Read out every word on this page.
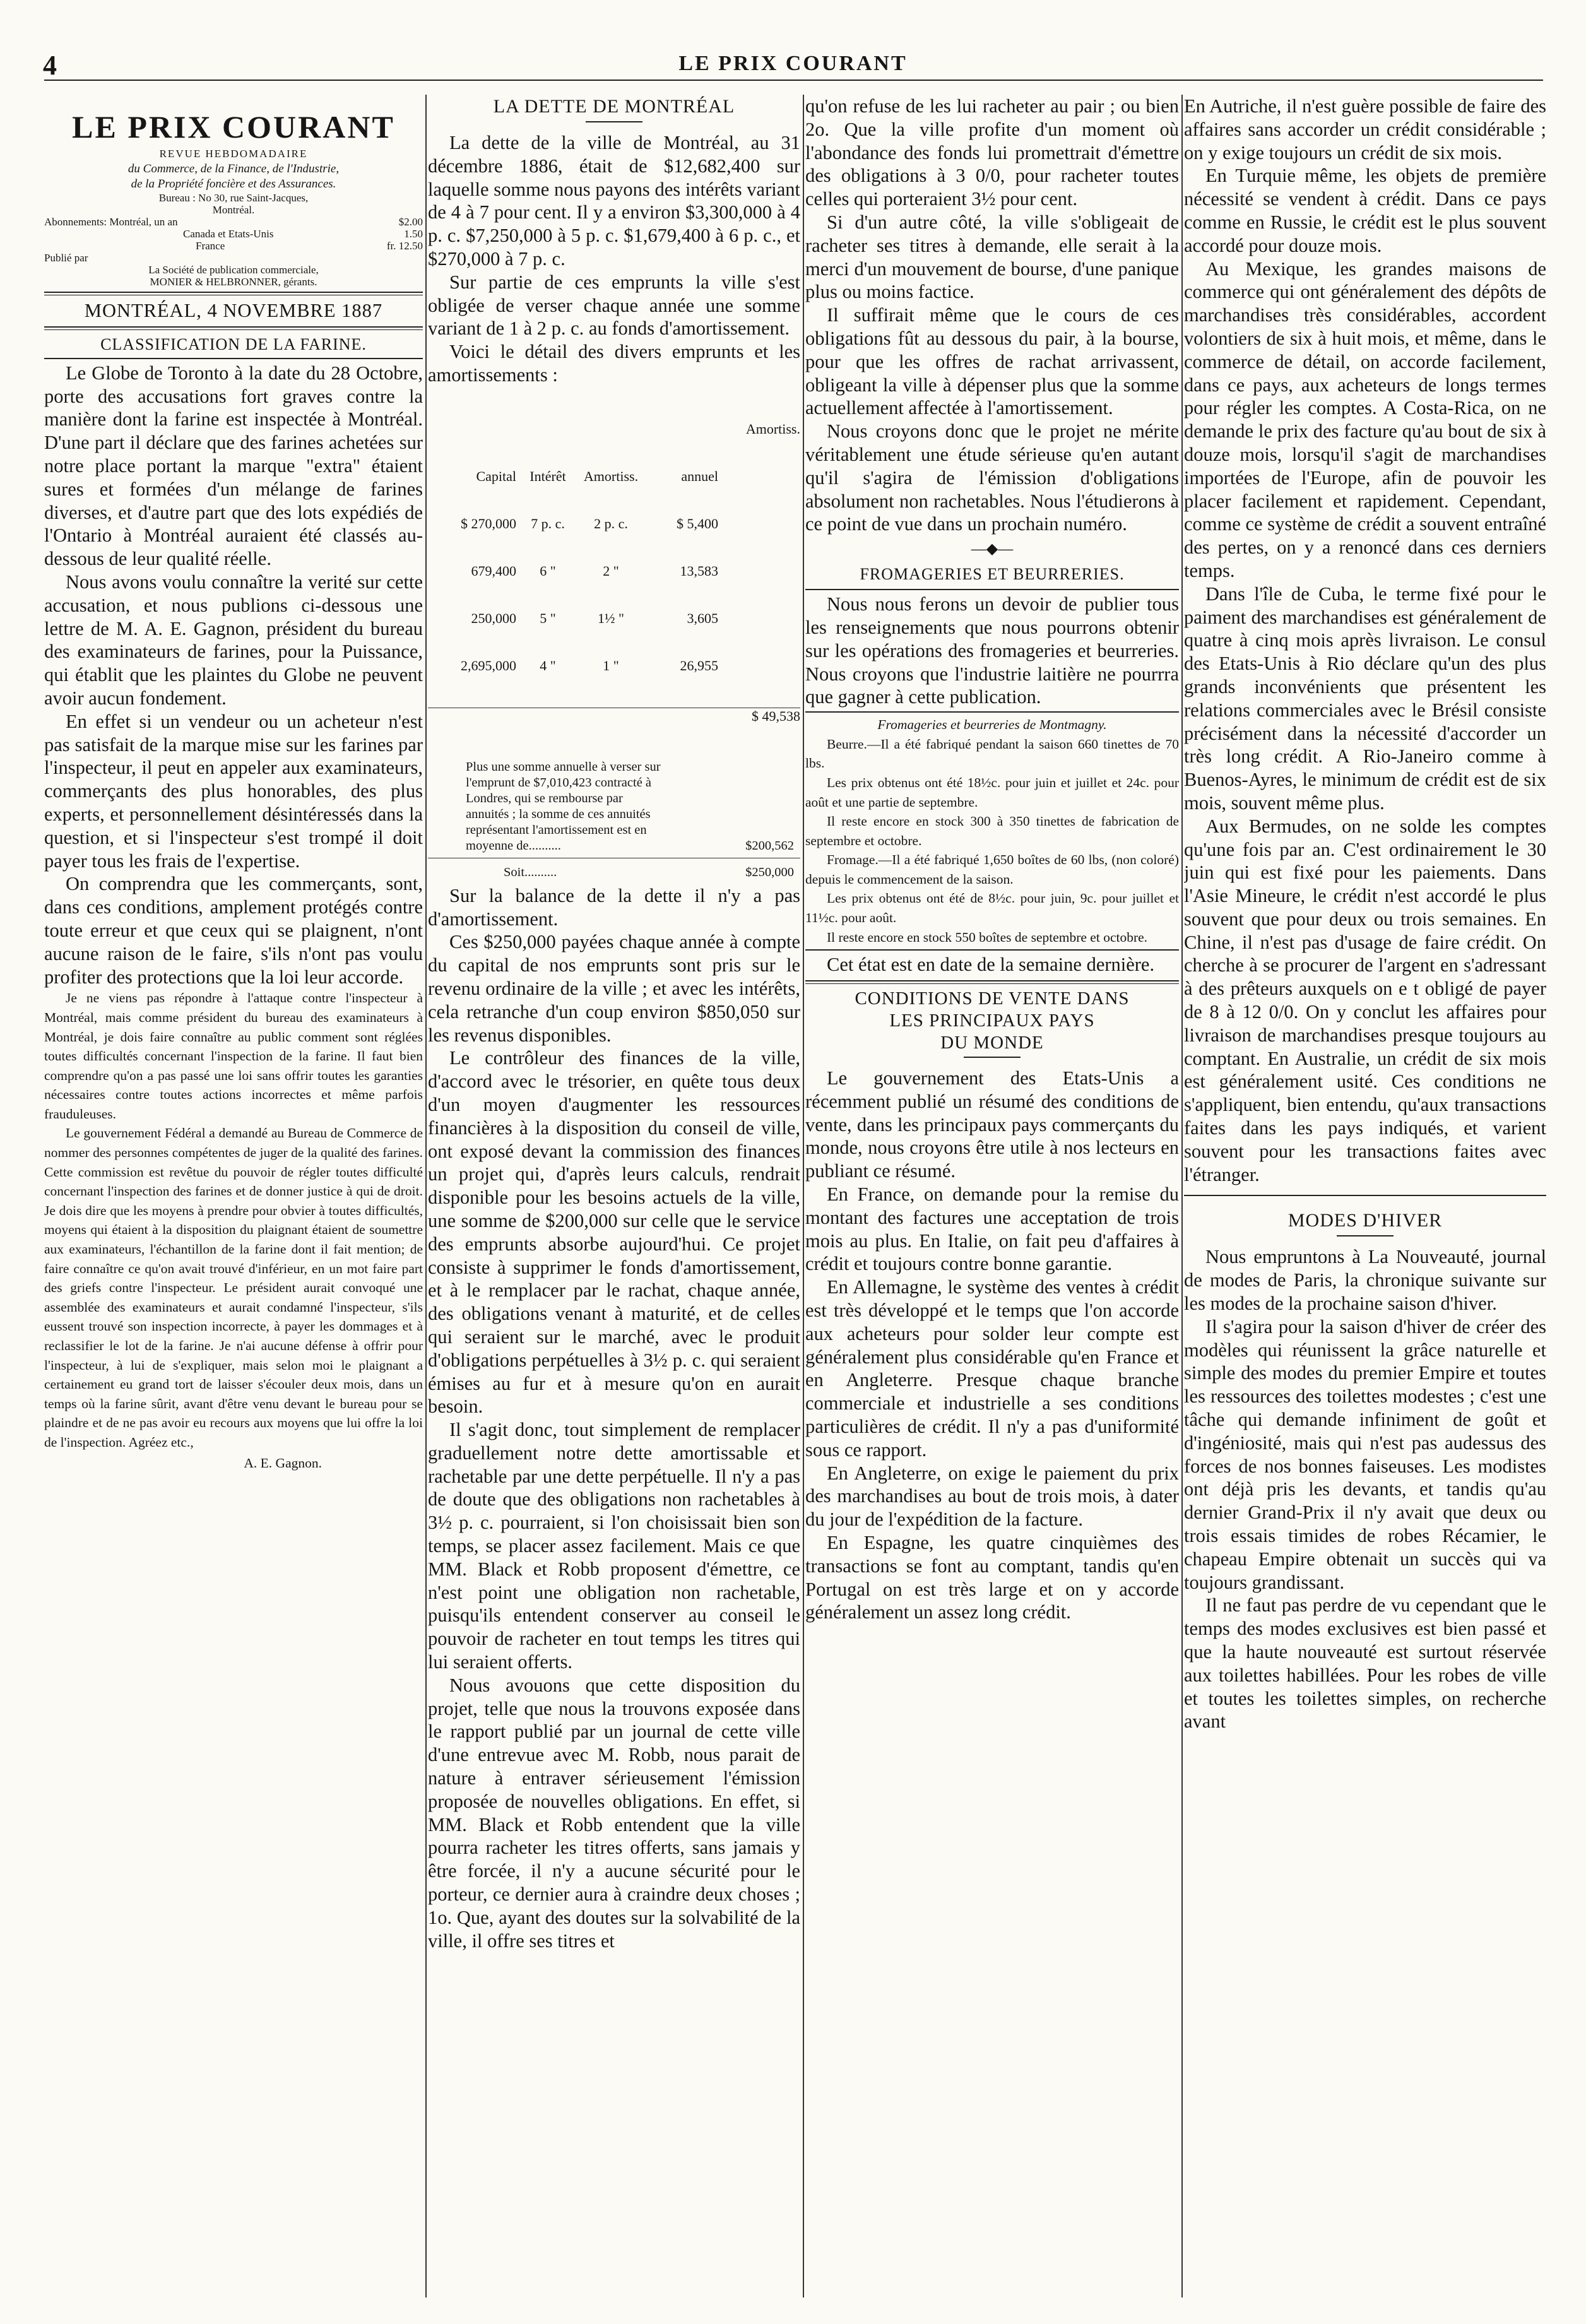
4	LE PRIX COURANT
LE PRIX COURANT
REVUE HEBDOMADAIRE
du Commerce, de la Finance, de l'Industrie,
de la Propriété foncière et des Assurances.
Bureau : No 30, rue Saint-Jacques,
Montréal.
Abonnements: Montréal, un an	$2.00
Canada et Etats-Unis	1.50
France	fr. 12.50
Publié par
La Société de publication commerciale,
MONIER & HELBRONNER, gérants.
MONTRÉAL, 4 NOVEMBRE 1887
CLASSIFICATION DE LA FARINE.

Le Globe de Toronto à la date du 28 Octobre, porte des accusations fort graves contre la manière dont la farine est inspectée à Montréal. D'une part il déclare que des farines achetées sur notre place portant la marque "extra" étaient sures et formées d'un mélange de farines diverses, et d'autre part que des lots expédiés de l'Ontario à Montréal auraient été classés au-dessous de leur qualité réelle.

Nous avons voulu connaître la verité sur cette accusation, et nous publions ci-dessous une lettre de M. A. E. Gagnon, président du bureau des examinateurs de farines, pour la Puissance, qui établit que les plaintes du Globe ne peuvent avoir aucun fondement.

En effet si un vendeur ou un acheteur n'est pas satisfait de la marque mise sur les farines par l'inspecteur, il peut en appeler aux examinateurs, commerçants des plus honorables, des plus experts, et personnellement désintéressés dans la question, et si l'inspecteur s'est trompé il doit payer tous les frais de l'expertise.

On comprendra que les commerçants, sont, dans ces conditions, amplement protégés contre toute erreur et que ceux qui se plaignent, n'ont aucune raison de le faire, s'ils n'ont pas voulu profiter des protections que la loi leur accorde.

Je ne viens pas répondre à l'attaque contre l'inspecteur à Montréal, mais comme président du bureau des examinateurs à Montréal, je dois faire connaître au public comment sont réglées toutes difficultés concernant l'inspection de la farine. Il faut bien comprendre qu'on a pas passé une loi sans offrir toutes les garanties nécessaires contre toutes actions incorrectes et même parfois frauduleuses.

Le gouvernement Fédéral a demandé au Bureau de Commerce de nommer des personnes compétentes de juger de la qualité des farines. Cette commission est revêtue du pouvoir de régler toutes difficulté concernant l'inspection des farines et de donner justice à qui de droit. Je dois dire que les moyens à prendre pour obvier à toutes difficultés, moyens qui étaient à la disposition du plaignant étaient de soumettre aux examinateurs, l'échantillon de la farine dont il fait mention; de faire connaître ce qu'on avait trouvé d'inférieur, en un mot faire part des griefs contre l'inspecteur. Le président aurait convoqué une assemblée des examinateurs et aurait condamné l'inspecteur, s'ils eussent trouvé son inspection incorrecte, à payer les dommages et à reclassifier le lot de la farine. Je n'ai aucune défense à offrir pour l'inspecteur, à lui de s'expliquer, mais selon moi le plaignant a certainement eu grand tort de laisser s'écouler deux mois, dans un temps où la farine sûrit, avant d'être venu devant le bureau pour se plaindre et de ne pas avoir eu recours aux moyens que lui offre la loi de l'inspection. Agréez etc.,

A. E. Gagnon.
LA DETTE DE MONTRÉAL

La dette de la ville de Montréal, au 31 décembre 1886, était de $12,682,400 sur laquelle somme nous payons des intérêts variant de 4 à 7 pour cent. Il y a environ $3,300,000 à 4 p. c. $7,250,000 à 5 p. c. $1,679,400 à 6 p. c., et $270,000 à 7 p. c.

Sur partie de ces emprunts la ville s'est obligée de verser chaque année une somme variant de 1 à 2 p. c. au fonds d'amortissement.

Voici le détail des divers emprunts et les amortissements :

Amortiss.

Capital Intérêt	Amortiss.	annuel

$ 270,000	7 p. c.	2 p. c.	$ 5,400

679,400	6 "	2 "	13,583

250,000	5 "	1½ "	3,605

2,695,000	4 "	1 "	26,955

$ 49,538

Plus une somme annuelle à verser sur l'emprunt de $7,010,423 contracté à Londres, qui se rembourse par annuités ; la somme de ces annuités représentant l'amortissement est en moyenne de..........	$200,562
Soit..........	$250,000

Sur la balance de la dette il n'y a pas d'amortissement.

Ces $250,000 payées chaque année à compte du capital de nos emprunts sont pris sur le revenu ordinaire de la ville ; et avec les intérêts, cela retranche d'un coup environ $850,050 sur les revenus disponibles.

Le contrôleur des finances de la ville, d'accord avec le trésorier, en quête tous deux d'un moyen d'augmenter les ressources financières à la disposition du conseil de ville, ont exposé devant la commission des finances un projet qui, d'après leurs calculs, rendrait disponible pour les besoins actuels de la ville, une somme de $200,000 sur celle que le service des emprunts absorbe aujourd'hui. Ce projet consiste à supprimer le fonds d'amortissement, et à le remplacer par le rachat, chaque année, des obligations venant à maturité, et de celles qui seraient sur le marché, avec le produit d'obligations perpétuelles à 3½ p. c. qui seraient émises au fur et à mesure qu'on en aurait besoin.

Il s'agit donc, tout simplement de remplacer graduellement notre dette amortissable et rachetable par une dette perpétuelle. Il n'y a pas de doute que des obligations non rachetables à 3½ p. c. pourraient, si l'on choisissait bien son temps, se placer assez facilement. Mais ce que MM. Black et Robb proposent d'émettre, ce n'est point une obligation non rachetable, puisqu'ils entendent conserver au conseil le pouvoir de racheter en tout temps les titres qui lui seraient offerts.

Nous avouons que cette disposition du projet, telle que nous la trouvons exposée dans le rapport publié par un journal de cette ville d'une entrevue avec M. Robb, nous parait de nature à entraver sérieusement l'émission proposée de nouvelles obligations. En effet, si MM. Black et Robb entendent que la ville pourra racheter les titres offerts, sans jamais y être forcée, il n'y a aucune sécurité pour le porteur, ce dernier aura à craindre deux choses ; 1o. Que, ayant des doutes sur la solvabilité de la ville, il offre ses titres et

qu'on refuse de les lui racheter au pair ; ou bien 2o. Que la ville profite d'un moment où l'abondance des fonds lui promettrait d'émettre des obligations à 3 0/0, pour racheter toutes celles qui porteraient 3½ pour cent.

Si d'un autre côté, la ville s'obligeait de racheter ses titres à demande, elle serait à la merci d'un mouvement de bourse, d'une panique plus ou moins factice.

Il suffirait même que le cours de ces obligations fût au dessous du pair, à la bourse, pour que les offres de rachat arrivassent, obligeant la ville à dépenser plus que la somme actuellement affectée à l'amortissement.

Nous croyons donc que le projet ne mérite véritablement une étude sérieuse qu'en autant qu'il s'agira de l'émission d'obligations absolument non rachetables. Nous l'étudierons à ce point de vue dans un prochain numéro.

—◆—
FROMAGERIES ET BEURRERIES.

Nous nous ferons un devoir de publier tous les renseignements que nous pourrons obtenir sur les opérations des fromageries et beurreries. Nous croyons que l'industrie laitière ne pourrra que gagner à cette publication.

Fromageries et beurreries de Montmagny.

Beurre.—Il a été fabriqué pendant la saison 660 tinettes de 70 lbs.

Les prix obtenus ont été 18½c. pour juin et juillet et 24c. pour août et une partie de septembre.

Il reste encore en stock 300 à 350 tinettes de fabrication de septembre et octobre.

Fromage.—Il a été fabriqué 1,650 boîtes de 60 lbs, (non coloré) depuis le commencement de la saison.

Les prix obtenus ont été de 8½c. pour juin, 9c. pour juillet et 11½c. pour août.

Il reste encore en stock 550 boîtes de septembre et octobre.

Cet état est en date de la semaine dernière.

CONDITIONS DE VENTE DANS
LES PRINCIPAUX PAYS
DU MONDE

Le gouvernement des Etats-Unis a récemment publié un résumé des conditions de vente, dans les principaux pays commerçants du monde, nous croyons être utile à nos lecteurs en publiant ce résumé.

En France, on demande pour la remise du montant des factures une acceptation de trois mois au plus. En Italie, on fait peu d'affaires à crédit et toujours contre bonne garantie.

En Allemagne, le système des ventes à crédit est très développé et le temps que l'on accorde aux acheteurs pour solder leur compte est généralement plus considérable qu'en France et en Angleterre. Presque chaque branche commerciale et industrielle a ses conditions particulières de crédit. Il n'y a pas d'uniformité sous ce rapport.

En Angleterre, on exige le paiement du prix des marchandises au bout de trois mois, à dater du jour de l'expédition de la facture.

En Espagne, les quatre cinquièmes des transactions se font au comptant, tandis qu'en Portugal on est très large et on y accorde généralement un assez long crédit.

En Autriche, il n'est guère possible de faire des affaires sans accorder un crédit considérable ; on y exige toujours un crédit de six mois.

En Turquie même, les objets de première nécessité se vendent à crédit. Dans ce pays comme en Russie, le crédit est le plus souvent accordé pour douze mois.

Au Mexique, les grandes maisons de commerce qui ont généralement des dépôts de marchandises très considérables, accordent volontiers de six à huit mois, et même, dans le commerce de détail, on accorde facilement, dans ce pays, aux acheteurs de longs termes pour régler les comptes. A Costa-Rica, on ne demande le prix des facture qu'au bout de six à douze mois, lorsqu'il s'agit de marchandises importées de l'Europe, afin de pouvoir les placer facilement et rapidement. Cependant, comme ce système de crédit a souvent entraîné des pertes, on y a renoncé dans ces derniers temps.

Dans l'île de Cuba, le terme fixé pour le paiment des marchandises est généralement de quatre à cinq mois après livraison. Le consul des Etats-Unis à Rio déclare qu'un des plus grands inconvénients que présentent les relations commerciales avec le Brésil consiste précisément dans la nécessité d'accorder un très long crédit. A Rio-Janeiro comme à Buenos-Ayres, le minimum de crédit est de six mois, souvent même plus.

Aux Bermudes, on ne solde les comptes qu'une fois par an. C'est ordinairement le 30 juin qui est fixé pour les paiements. Dans l'Asie Mineure, le crédit n'est accordé le plus souvent que pour deux ou trois semaines. En Chine, il n'est pas d'usage de faire crédit. On cherche à se procurer de l'argent en s'adressant à des prêteurs auxquels on e t obligé de payer de 8 à 12 0/0. On y conclut les affaires pour livraison de marchandises presque toujours au comptant. En Australie, un crédit de six mois est généralement usité. Ces conditions ne s'appliquent, bien entendu, qu'aux transactions faites dans les pays indiqués, et varient souvent pour les transactions faites avec l'étranger.

MODES D'HIVER

Nous empruntons à La Nouveauté, journal de modes de Paris, la chronique suivante sur les modes de la prochaine saison d'hiver.

Il s'agira pour la saison d'hiver de créer des modèles qui réunissent la grâce naturelle et simple des modes du premier Empire et toutes les ressources des toilettes modestes ; c'est une tâche qui demande infiniment de goût et d'ingéniosité, mais qui n'est pas audessus des forces de nos bonnes faiseuses. Les modistes ont déjà pris les devants, et tandis qu'au dernier Grand-Prix il n'y avait que deux ou trois essais timides de robes Récamier, le chapeau Empire obtenait un succès qui va toujours grandissant.

Il ne faut pas perdre de vu cependant que le temps des modes exclusives est bien passé et que la haute nouveauté est surtout réservée aux toilettes habillées. Pour les robes de ville et toutes les toilettes simples, on recherche avant
